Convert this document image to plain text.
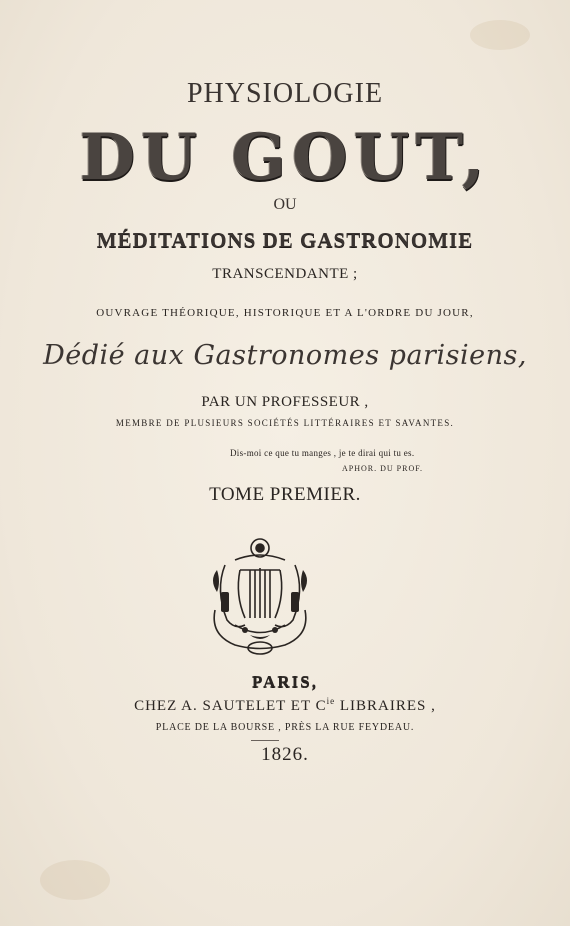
PHYSIOLOGIE
DU GOUT,
OU
MÉDITATIONS DE GASTRONOMIE
TRANSCENDANTE ;
OUVRAGE THÉORIQUE, HISTORIQUE ET A L'ORDRE DU JOUR,
Dédié aux Gastronomes parisiens,
PAR UN PROFESSEUR ,
MEMBRE DE PLUSIEURS SOCIÉTÉS LITTÉRAIRES ET SAVANTES.
Dis-moi ce que tu manges , je te dirai qui tu es.
APHOR. DU PROF.
TOME PREMIER.
PARIS,
CHEZ A. SAUTELET ET $C^{ie}$ LIBRAIRES ,
PLACE DE LA BOURSE , PRÈS LA RUE FEYDEAU.
1826.
